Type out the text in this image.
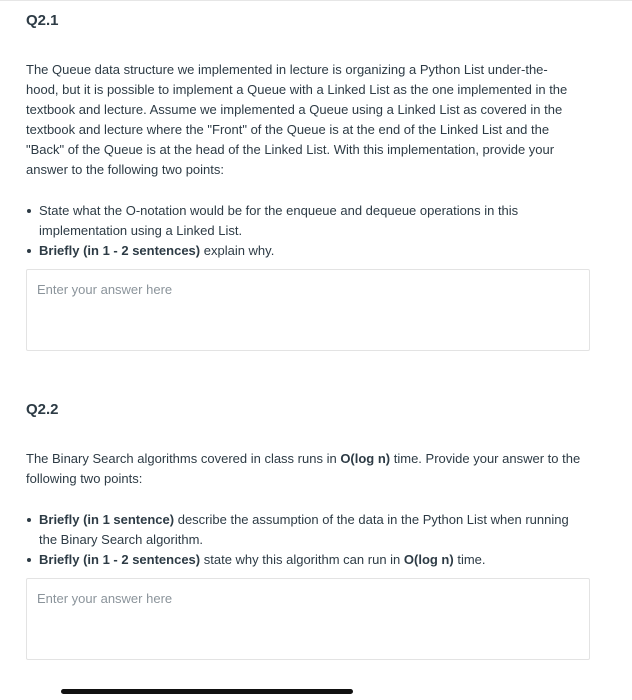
Q2.1
The Queue data structure we implemented in lecture is organizing a Python List under-the-
hood, but it is possible to implement a Queue with a Linked List as the one implemented in the
textbook and lecture. Assume we implemented a Queue using a Linked List as covered in the
textbook and lecture where the "Front" of the Queue is at the end of the Linked List and the
"Back" of the Queue is at the head of the Linked List. With this implementation, provide your
answer to the following two points:
State what the O-notation would be for the enqueue and dequeue operations in this
implementation using a Linked List.
Briefly (in 1 - 2 sentences) explain why.
Enter your answer here
Q2.2
The Binary Search algorithms covered in class runs in O(log n) time. Provide your answer to the
following two points:
Briefly (in 1 sentence) describe the assumption of the data in the Python List when running
the Binary Search algorithm.
Briefly (in 1 - 2 sentences) state why this algorithm can run in O(log n) time.
Enter your answer here
